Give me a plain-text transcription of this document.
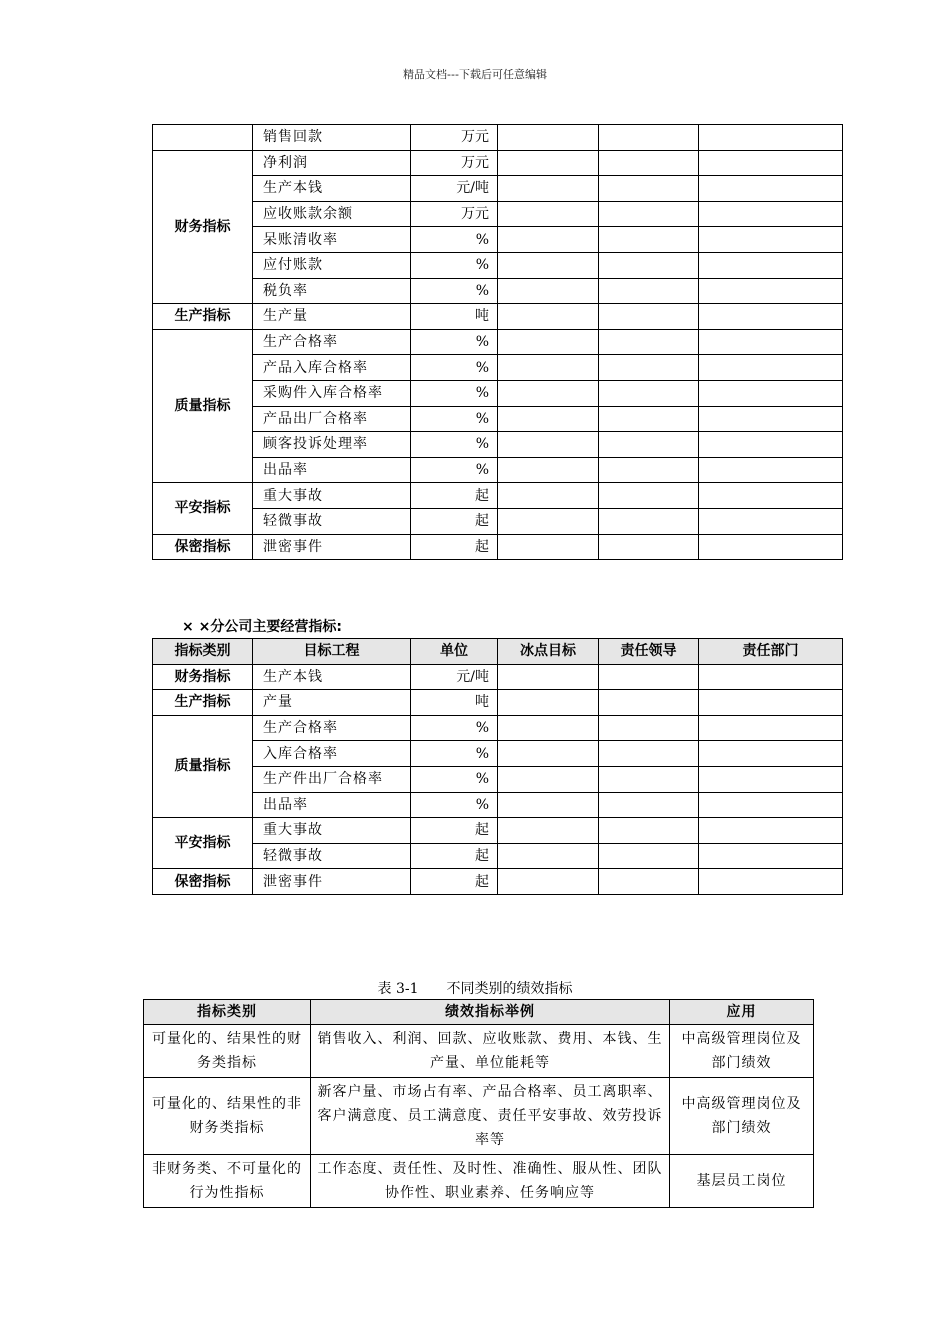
精品文档---下载后可任意编辑
	销售回款	万元			
财务指标	净利润	万元			
	生产本钱	元/吨			
	应收账款余额	万元			
	呆账清收率	%			
	应付账款	%			
	税负率	%			
生产指标	生产量	吨			
质量指标	生产合格率	%			
	产品入库合格率	%			
	采购件入库合格率	%			
	产品出厂合格率	%			
	顾客投诉处理率	%			
	出品率	%			
平安指标	重大事故	起			
	轻微事故	起			
保密指标	泄密事件	起			
× ×分公司主要经营指标:
指标类别	目标工程	单位	冰点目标	责任领导	责任部门
财务指标	生产本钱	元/吨			
生产指标	产量	吨			
质量指标	生产合格率	%			
	入库合格率	%			
	生产件出厂合格率	%			
	出品率	%			
平安指标	重大事故	起			
	轻微事故	起			
保密指标	泄密事件	起			
表 3-1 不同类别的绩效指标
指标类别	绩效指标举例	应用
可量化的、结果性的财务类指标	销售收入、利润、回款、应收账款、费用、本钱、生产量、单位能耗等	中高级管理岗位及部门绩效
可量化的、结果性的非财务类指标	新客户量、市场占有率、产品合格率、员工离职率、客户满意度、员工满意度、责任平安事故、效劳投诉率等	中高级管理岗位及部门绩效
非财务类、不可量化的行为性指标	工作态度、责任性、及时性、准确性、服从性、团队协作性、职业素养、任务响应等	基层员工岗位
